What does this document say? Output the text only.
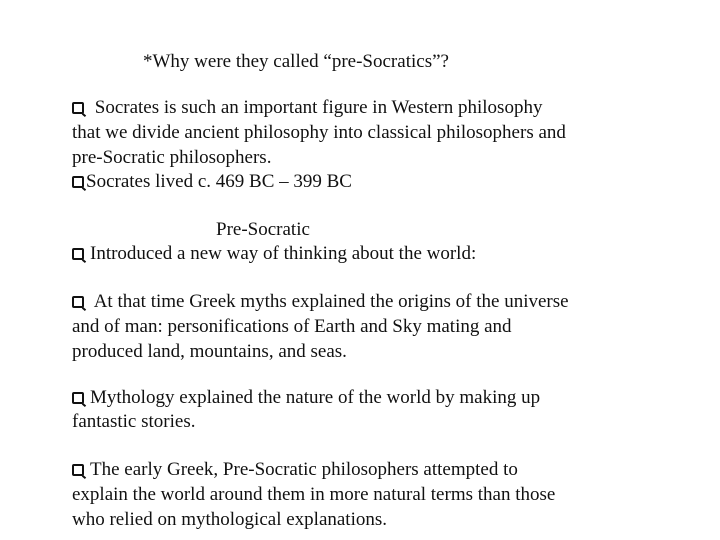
*Why were they called “pre-Socratics”?
Socrates is such an important figure in Western philosophy
that we divide ancient philosophy into classical philosophers and
pre-Socratic philosophers.
Socrates lived c. 469 BC – 399 BC
Pre-Socratic
Introduced a new way of thinking about the world:
At that time Greek myths explained the origins of the universe
and of man: personifications of Earth and Sky mating and
produced land, mountains, and seas.
Mythology explained the nature of the world by making up
fantastic stories.
The early Greek, Pre-Socratic philosophers attempted to
explain the world around them in more natural terms than those
who relied on mythological explanations.
